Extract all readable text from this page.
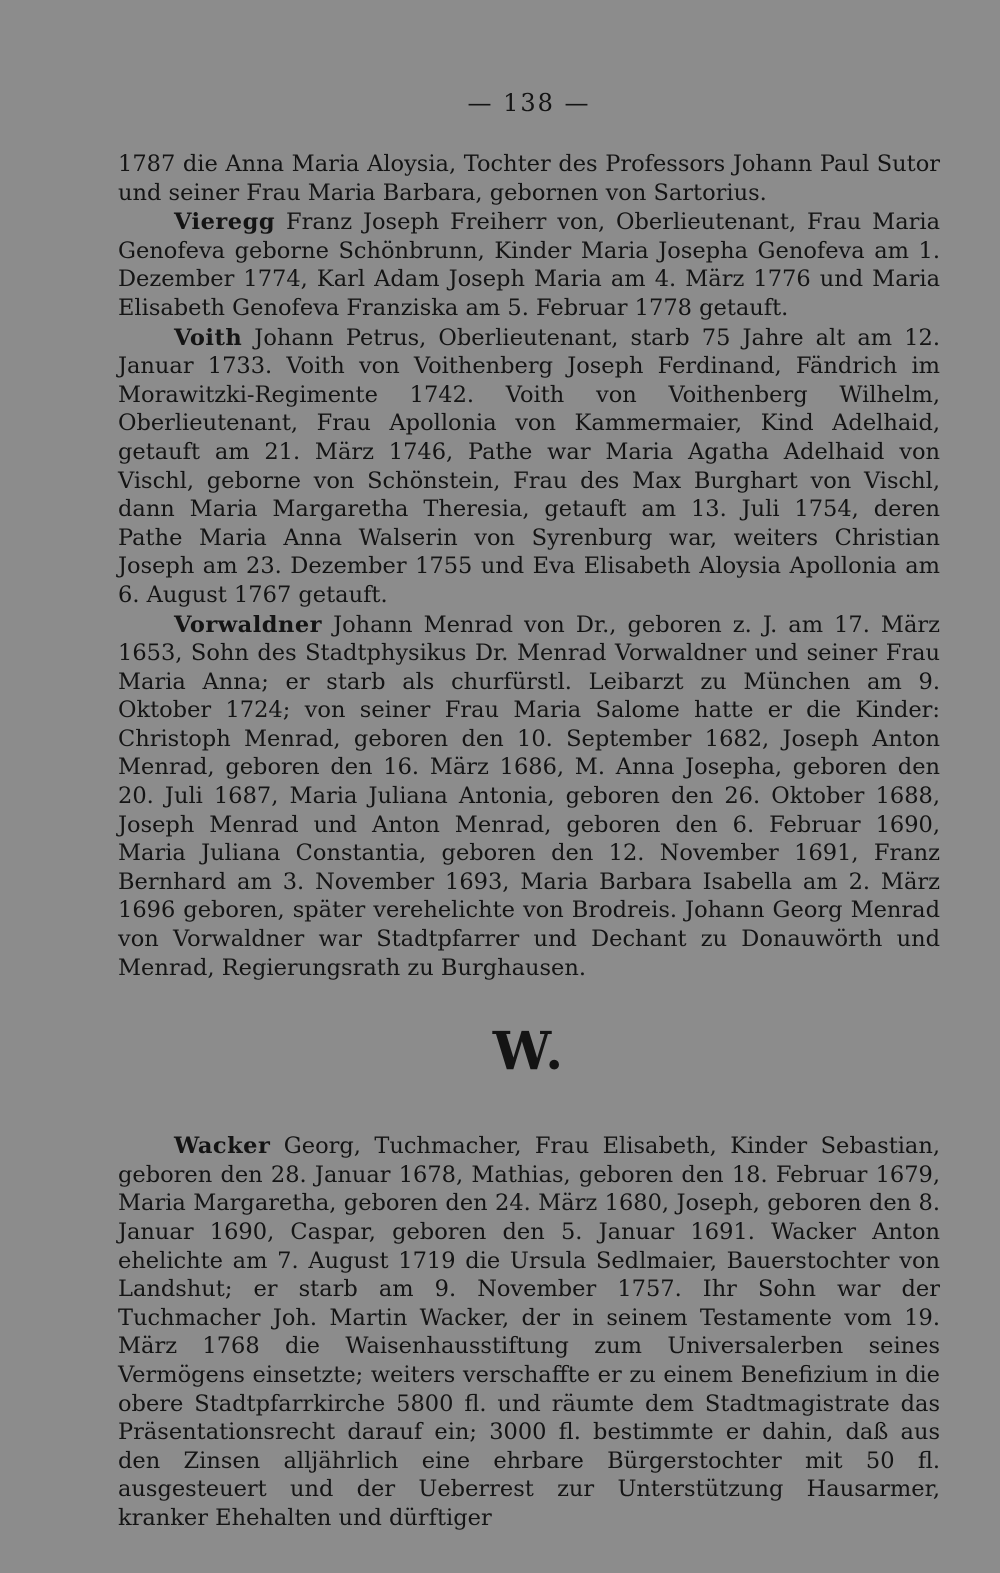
— 138 —

1787 die Anna Maria Aloysia, Tochter des Professors Johann Paul Sutor und seiner Frau Maria Barbara, gebornen von Sartorius.

Vieregg Franz Joseph Freiherr von, Oberlieutenant, Frau Maria Genofeva geborne Schönbrunn, Kinder Maria Josepha Genofeva am 1. Dezember 1774, Karl Adam Joseph Maria am 4. März 1776 und Maria Elisabeth Genofeva Franziska am 5. Februar 1778 getauft.

Voith Johann Petrus, Oberlieutenant, starb 75 Jahre alt am 12. Januar 1733. Voith von Voithenberg Joseph Ferdinand, Fändrich im Morawitzki-Regimente 1742. Voith von Voithenberg Wilhelm, Oberlieutenant, Frau Apollonia von Kammermaier, Kind Adelhaid, getauft am 21. März 1746, Pathe war Maria Agatha Adelhaid von Vischl, geborne von Schönstein, Frau des Max Burghart von Vischl, dann Maria Margaretha Theresia, getauft am 13. Juli 1754, deren Pathe Maria Anna Walserin von Syrenburg war, weiters Christian Joseph am 23. Dezember 1755 und Eva Elisabeth Aloysia Apollonia am 6. August 1767 getauft.

Vorwaldner Johann Menrad von Dr., geboren z. J. am 17. März 1653, Sohn des Stadtphysikus Dr. Menrad Vorwaldner und seiner Frau Maria Anna; er starb als churfürstl. Leibarzt zu München am 9. Oktober 1724; von seiner Frau Maria Salome hatte er die Kinder: Christoph Menrad, geboren den 10. September 1682, Joseph Anton Menrad, geboren den 16. März 1686, M. Anna Josepha, geboren den 20. Juli 1687, Maria Juliana Antonia, geboren den 26. Oktober 1688, Joseph Menrad und Anton Menrad, geboren den 6. Februar 1690, Maria Juliana Constantia, geboren den 12. November 1691, Franz Bernhard am 3. November 1693, Maria Barbara Isabella am 2. März 1696 geboren, später verehelichte von Brodreis. Johann Georg Menrad von Vorwaldner war Stadtpfarrer und Dechant zu Donauwörth und Menrad, Regierungsrath zu Burghausen.

W.

Wacker Georg, Tuchmacher, Frau Elisabeth, Kinder Sebastian, geboren den 28. Januar 1678, Mathias, geboren den 18. Februar 1679, Maria Margaretha, geboren den 24. März 1680, Joseph, geboren den 8. Januar 1690, Caspar, geboren den 5. Januar 1691. Wacker Anton ehelichte am 7. August 1719 die Ursula Sedlmaier, Bauerstochter von Landshut; er starb am 9. November 1757. Ihr Sohn war der Tuchmacher Joh. Martin Wacker, der in seinem Testamente vom 19. März 1768 die Waisenhausstiftung zum Universalerben seines Vermögens einsetzte; weiters verschaffte er zu einem Benefizium in die obere Stadtpfarrkirche 5800 fl. und räumte dem Stadtmagistrate das Präsentationsrecht darauf ein; 3000 fl. bestimmte er dahin, daß aus den Zinsen alljährlich eine ehrbare Bürgerstochter mit 50 fl. ausgesteuert und der Ueberrest zur Unterstützung Hausarmer, kranker Ehehalten und dürftiger
